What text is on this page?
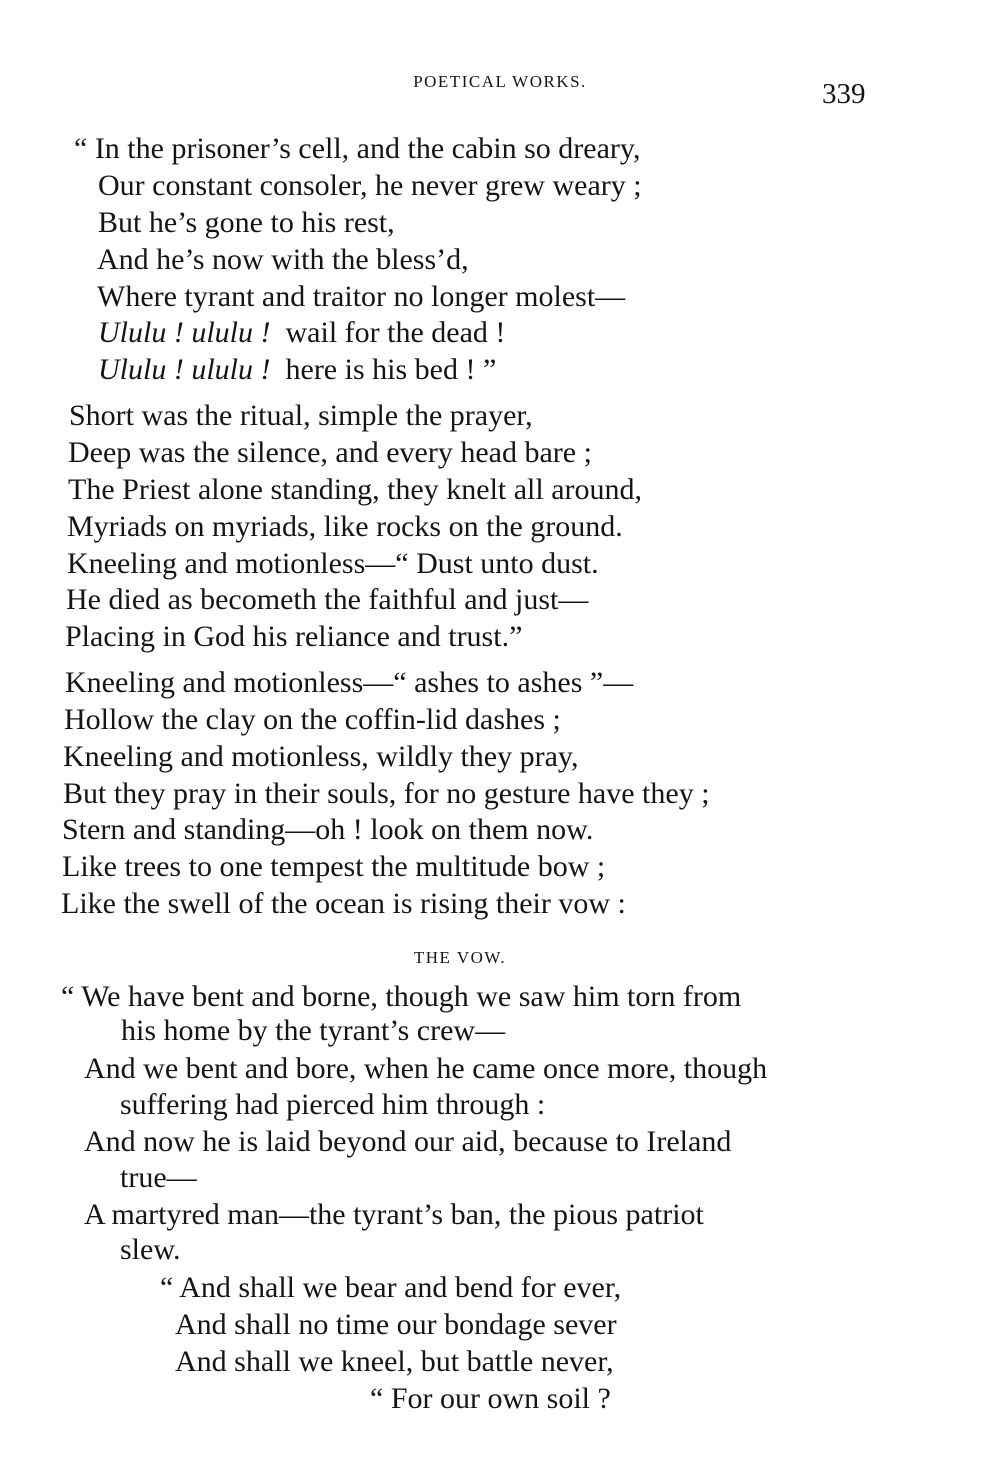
POETICAL WORKS.	339
“ In the prisoner’s cell, and the cabin so dreary,
Our constant consoler, he never grew weary ;
But he’s gone to his rest,
And he’s now with the bless’d,
Where tyrant and traitor no longer molest—
Ululu ! ululu ! wail for the dead !
Ululu ! ululu ! here is his bed ! ”
Short was the ritual, simple the prayer,
Deep was the silence, and every head bare ;
The Priest alone standing, they knelt all around,
Myriads on myriads, like rocks on the ground.
Kneeling and motionless—“ Dust unto dust.
He died as becometh the faithful and just—
Placing in God his reliance and trust.”
Kneeling and motionless—“ ashes to ashes ”—
Hollow the clay on the coffin-lid dashes ;
Kneeling and motionless, wildly they pray,
But they pray in their souls, for no gesture have they ;
Stern and standing—oh ! look on them now.
Like trees to one tempest the multitude bow ;
Like the swell of the ocean is rising their vow :
THE VOW.
“ We have bent and borne, though we saw him torn from
his home by the tyrant’s crew—
And we bent and bore, when he came once more, though
suffering had pierced him through :
And now he is laid beyond our aid, because to Ireland
true—
A martyred man—the tyrant’s ban, the pious patriot
slew.
“ And shall we bear and bend for ever,
And shall no time our bondage sever
And shall we kneel, but battle never,
“ For our own soil ?
